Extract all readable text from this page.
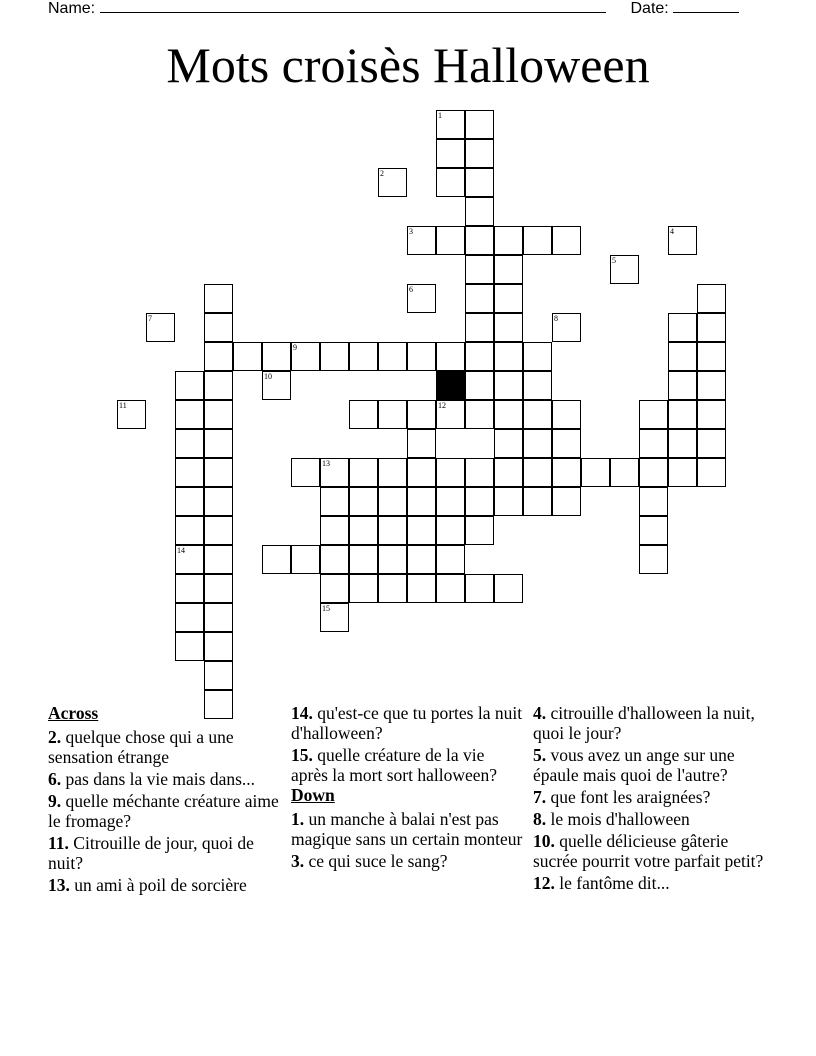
Name:	Date:
Mots croisès Halloween
1
2
3	4
5
6
7	8
9
10
11	12
13
14
15
Across
2. quelque chose qui a une sensation étrange
6. pas dans la vie mais dans...
9. quelle méchante créature aime le fromage?
11. Citrouille de jour, quoi de nuit?
13. un ami à poil de sorcière
14. qu'est-ce que tu portes la nuit d'halloween?
15. quelle créature de la vie après la mort sort halloween?
Down
1. un manche à balai n'est pas magique sans un certain monteur
3. ce qui suce le sang?
4. citrouille d'halloween la nuit, quoi le jour?
5. vous avez un ange sur une épaule mais quoi de l'autre?
7. que font les araignées?
8. le mois d'halloween
10. quelle délicieuse gâterie sucrée pourrit votre parfait petit?
12. le fantôme dit...
